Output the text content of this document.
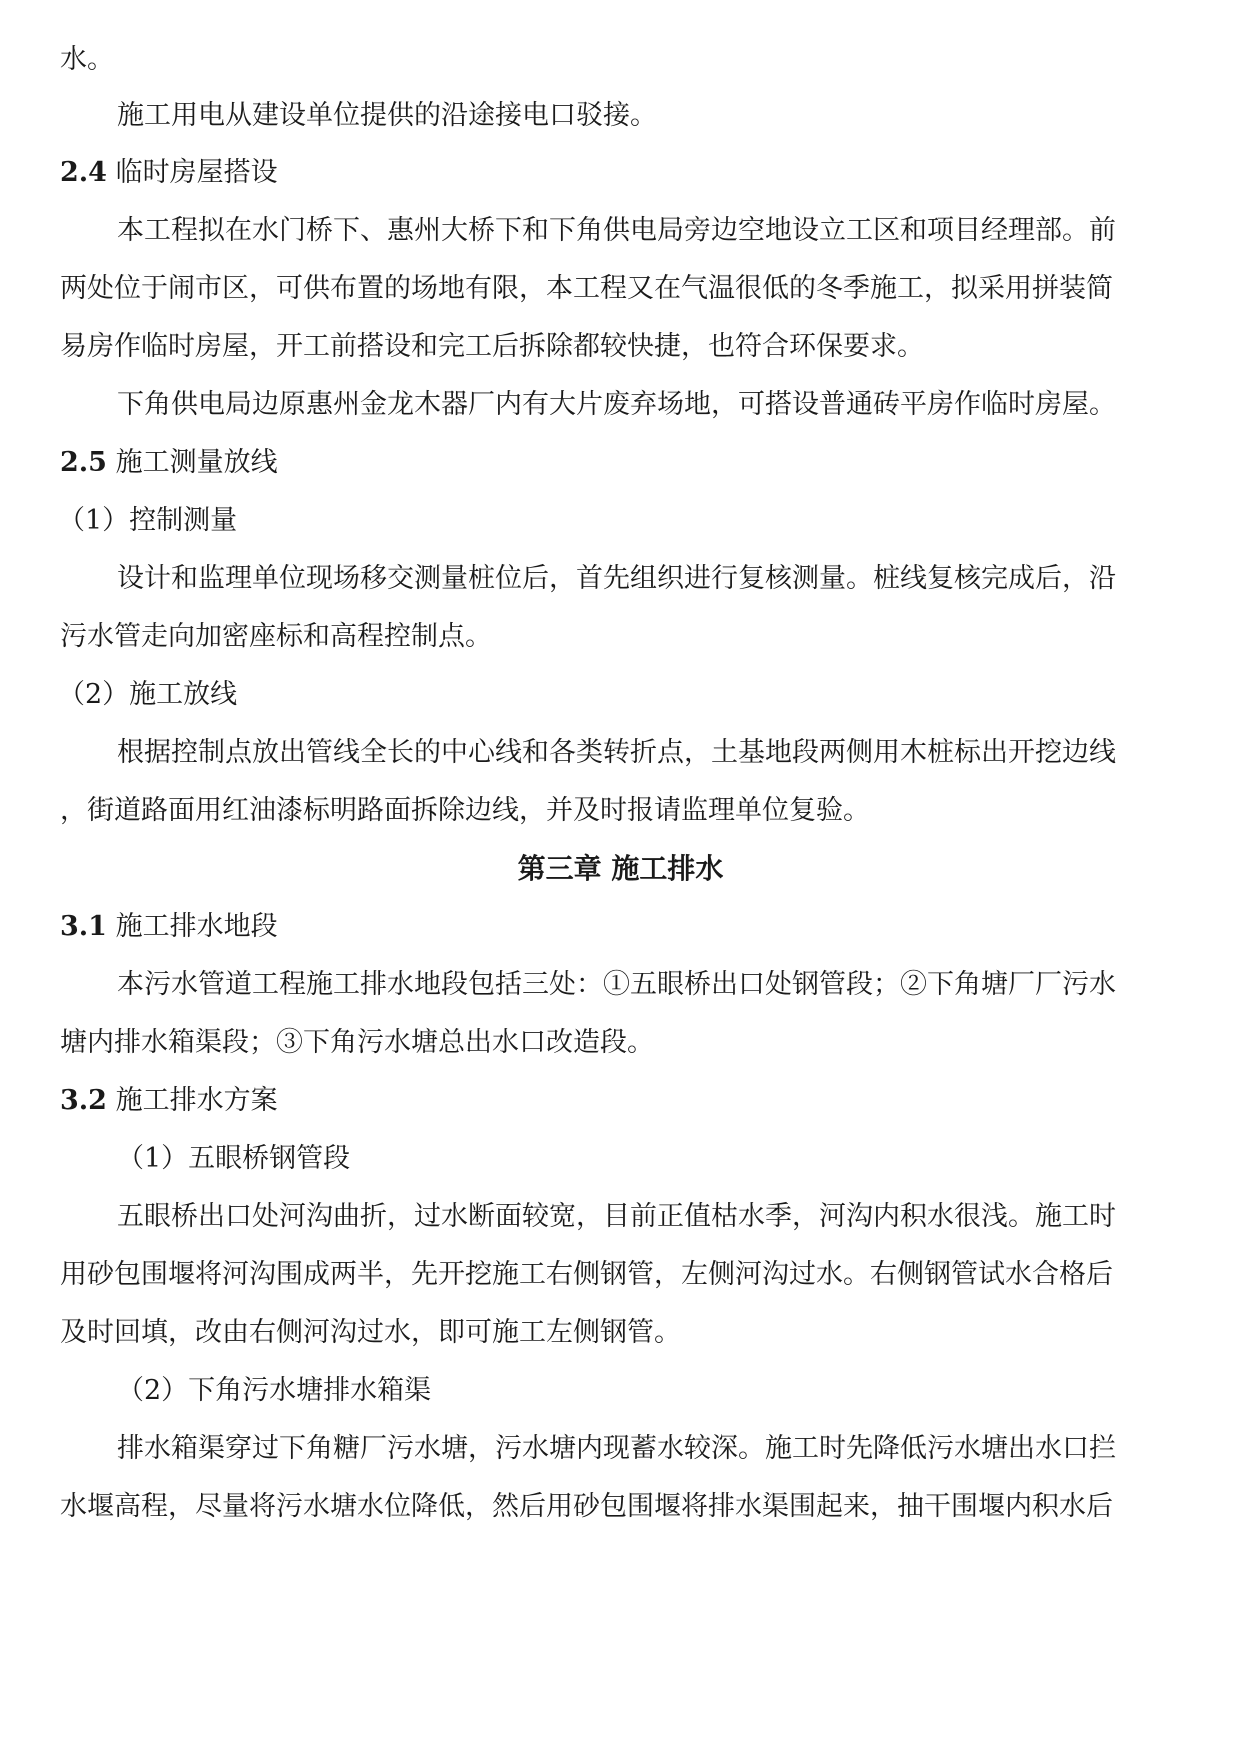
水。
施工用电从建设单位提供的沿途接电口驳接。
2.4 临时房屋搭设
本工程拟在水门桥下、惠州大桥下和下角供电局旁边空地设立工区和项目经理部。前
两处位于闹市区，可供布置的场地有限，本工程又在气温很低的冬季施工，拟采用拼装简
易房作临时房屋，开工前搭设和完工后拆除都较快捷，也符合环保要求。
下角供电局边原惠州金龙木器厂内有大片废弃场地，可搭设普通砖平房作临时房屋。
2.5 施工测量放线
（1）控制测量
设计和监理单位现场移交测量桩位后，首先组织进行复核测量。桩线复核完成后，沿
污水管走向加密座标和高程控制点。
（2）施工放线
根据控制点放出管线全长的中心线和各类转折点，土基地段两侧用木桩标出开挖边线
，街道路面用红油漆标明路面拆除边线，并及时报请监理单位复验。
第三章 施工排水
3.1 施工排水地段
本污水管道工程施工排水地段包括三处：①五眼桥出口处钢管段；②下角塘厂厂污水
塘内排水箱渠段；③下角污水塘总出水口改造段。
3.2 施工排水方案
（1）五眼桥钢管段
五眼桥出口处河沟曲折，过水断面较宽，目前正值枯水季，河沟内积水很浅。施工时
用砂包围堰将河沟围成两半，先开挖施工右侧钢管，左侧河沟过水。右侧钢管试水合格后
及时回填，改由右侧河沟过水，即可施工左侧钢管。
（2）下角污水塘排水箱渠
排水箱渠穿过下角糖厂污水塘，污水塘内现蓄水较深。施工时先降低污水塘出水口拦
水堰高程，尽量将污水塘水位降低，然后用砂包围堰将排水渠围起来，抽干围堰内积水后
